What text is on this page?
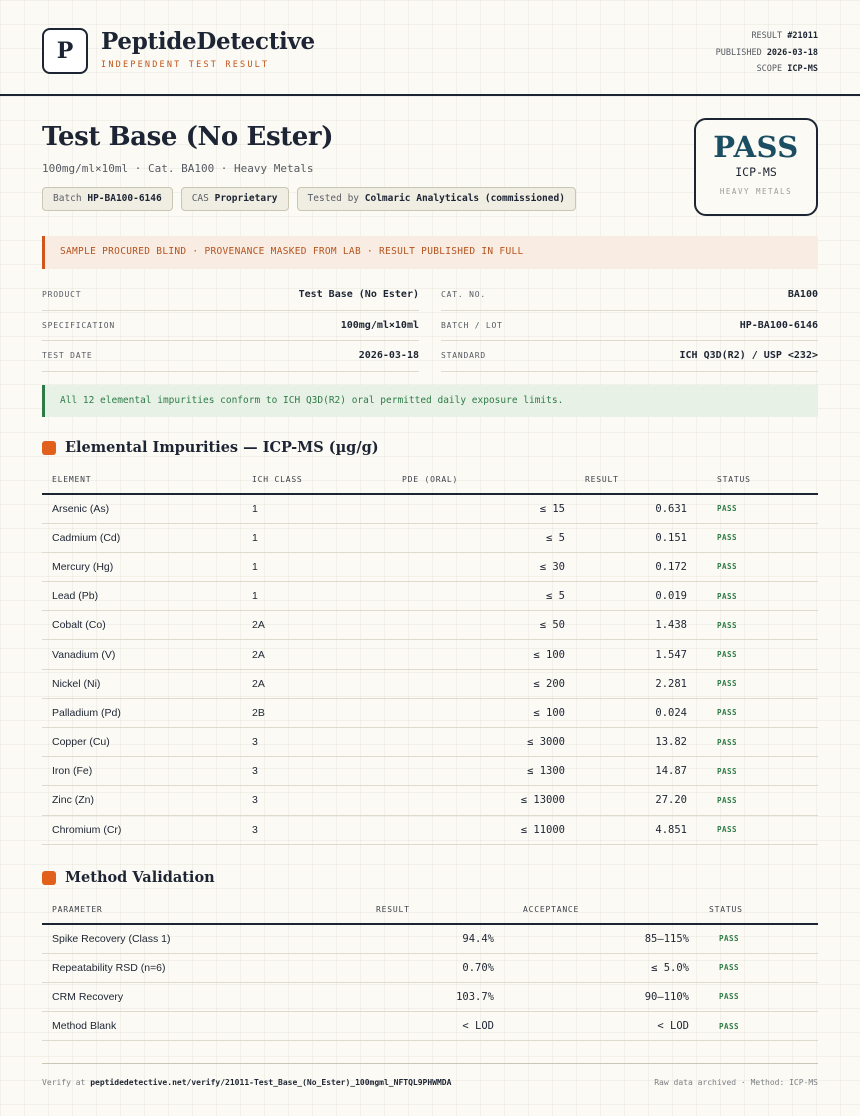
P	PeptideDetective
INDEPENDENT TEST RESULT
RESULT #21011
PUBLISHED 2026-03-18
SCOPE ICP-MS
Test Base (No Ester)
100mg/ml×10ml · Cat. BA100 · Heavy Metals
Batch HP-BA100-6146	CAS Proprietary	Tested by Colmaric Analyticals (commissioned)
PASS
ICP-MS
HEAVY METALS
SAMPLE PROCURED BLIND · PROVENANCE MASKED FROM LAB · RESULT PUBLISHED IN FULL
PRODUCT	Test Base (No Ester)
SPECIFICATION	100mg/ml×10ml
TEST DATE	2026-03-18
CAT. NO.	BA100
BATCH / LOT	HP-BA100-6146
STANDARD	ICH Q3D(R2) / USP <232>
All 12 elemental impurities conform to ICH Q3D(R2) oral permitted daily exposure limits.
Elemental Impurities — ICP-MS (µg/g)
ELEMENT	ICH CLASS	PDE (ORAL)	RESULT	STATUS
Arsenic (As)	1	≤ 15	0.631	PASS
Cadmium (Cd)	1	≤ 5	0.151	PASS
Mercury (Hg)	1	≤ 30	0.172	PASS
Lead (Pb)	1	≤ 5	0.019	PASS
Cobalt (Co)	2A	≤ 50	1.438	PASS
Vanadium (V)	2A	≤ 100	1.547	PASS
Nickel (Ni)	2A	≤ 200	2.281	PASS
Palladium (Pd)	2B	≤ 100	0.024	PASS
Copper (Cu)	3	≤ 3000	13.82	PASS
Iron (Fe)	3	≤ 1300	14.87	PASS
Zinc (Zn)	3	≤ 13000	27.20	PASS
Chromium (Cr)	3	≤ 11000	4.851	PASS
Method Validation
PARAMETER	RESULT	ACCEPTANCE	STATUS
Spike Recovery (Class 1)	94.4%	85–115%	PASS
Repeatability RSD (n=6)	0.70%	≤ 5.0%	PASS
CRM Recovery	103.7%	90–110%	PASS
Method Blank	< LOD	< LOD	PASS
Verify at peptidedetective.net/verify/21011-Test_Base_(No_Ester)_100mgml_NFTQL9PHWMDA	Raw data archived · Method: ICP-MS
